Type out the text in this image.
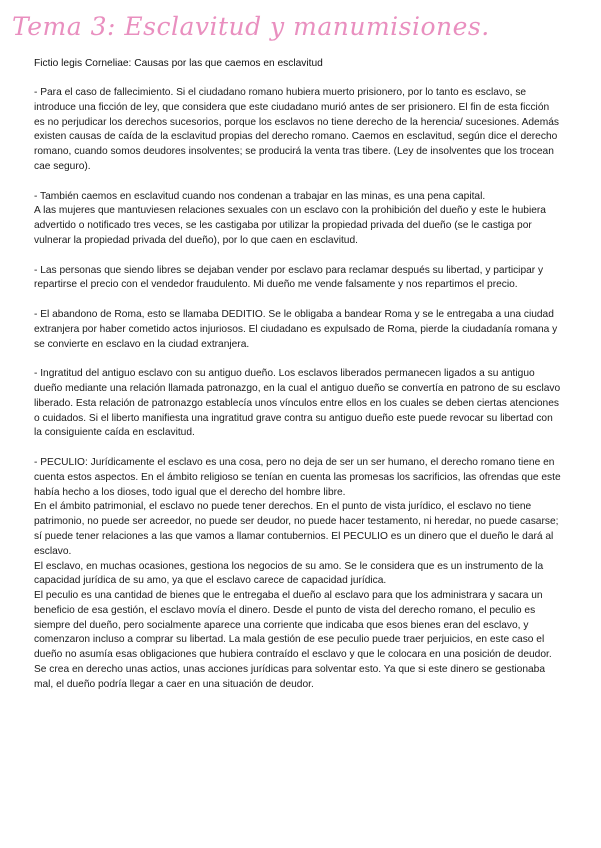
Tema 3: Esclavitud y manumisiones.
Fictio legis Corneliae: Causas por las que caemos en esclavitud

- Para el caso de fallecimiento. Si el ciudadano romano hubiera muerto prisionero, por lo tanto es esclavo, se introduce una ficción de ley, que considera que este ciudadano murió antes de ser prisionero. El fin de esta ficción es no perjudicar los derechos sucesorios, porque los esclavos no tiene derecho de la herencia/ sucesiones. Además existen causas de caída de la esclavitud propias del derecho romano. Caemos en esclavitud, según dice el derecho romano, cuando somos deudores insolventes; se producirá la venta tras tibere. (Ley de insolventes que los trocean cae seguro).

- También caemos en esclavitud cuando nos condenan a trabajar en las minas, es una pena capital.

A las mujeres que mantuviesen relaciones sexuales con un esclavo con la prohibición del dueño y este le hubiera advertido o notificado tres veces, se les castigaba por utilizar la propiedad privada del dueño (se le castiga por vulnerar la propiedad privada del dueño), por lo que caen en esclavitud.

- Las personas que siendo libres se dejaban vender por esclavo para reclamar después su libertad, y participar y repartirse el precio con el vendedor fraudulento. Mi dueño me vende falsamente y nos repartimos el precio.

- El abandono de Roma, esto se llamaba DEDITIO. Se le obligaba a bandear Roma y se le entregaba a una ciudad extranjera por haber cometido actos injuriosos. El ciudadano es expulsado de Roma, pierde la ciudadanía romana y se convierte en esclavo en la ciudad extranjera.

- Ingratitud del antiguo esclavo con su antiguo dueño. Los esclavos liberados permanecen ligados a su antiguo dueño mediante una relación llamada patronazgo, en la cual el antiguo dueño se convertía en patrono de su esclavo liberado. Esta relación de patronazgo establecía unos vínculos entre ellos en los cuales se deben ciertas atenciones o cuidados. Si el liberto manifiesta una ingratitud grave contra su antiguo dueño este puede revocar su libertad con la consiguiente caída en esclavitud.

- PECULIO: Jurídicamente el esclavo es una cosa, pero no deja de ser un ser humano, el derecho romano tiene en cuenta estos aspectos. En el ámbito religioso se tenían en cuenta las promesas los sacrificios, las ofrendas que este había hecho a los dioses, todo igual que el derecho del hombre libre.

En el ámbito patrimonial, el esclavo no puede tener derechos. En el punto de vista jurídico, el esclavo no tiene patrimonio, no puede ser acreedor, no puede ser deudor, no puede hacer testamento, ni heredar, no puede casarse; sí puede tener relaciones a las que vamos a llamar contubernios. El PECULIO es un dinero que el dueño le dará al esclavo.

El esclavo, en muchas ocasiones, gestiona los negocios de su amo. Se le considera que es un instrumento de la capacidad jurídica de su amo, ya que el esclavo carece de capacidad jurídica.

El peculio es una cantidad de bienes que le entregaba el dueño al esclavo para que los administrara y sacara un beneficio de esa gestión, el esclavo movía el dinero. Desde el punto de vista del derecho romano, el peculio es siempre del dueño, pero socialmente aparece una corriente que indicaba que esos bienes eran del esclavo, y comenzaron incluso a comprar su libertad. La mala gestión de ese peculio puede traer perjuicios, en este caso el dueño no asumía esas obligaciones que hubiera contraído el esclavo y que le colocara en una posición de deudor. Se crea en derecho unas actios, unas acciones jurídicas para solventar esto. Ya que si este dinero se gestionaba mal, el dueño podría llegar a caer en una situación de deudor.
